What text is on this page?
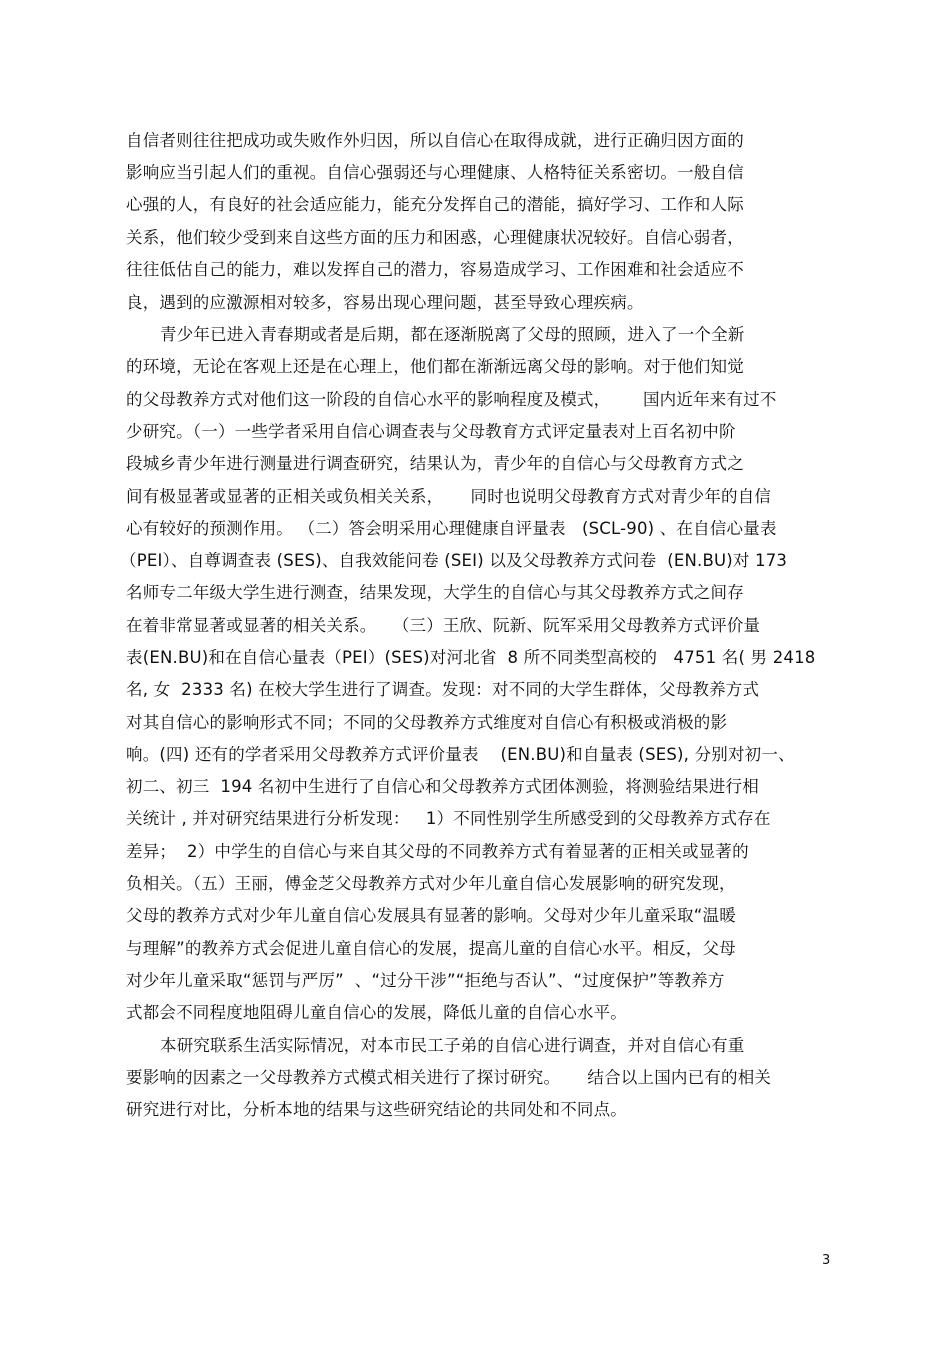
自信者则往往把成功或失败作外归因，所以自信心在取得成就，进行正确归因方面的
影响应当引起人们的重视。自信心强弱还与心理健康、人格特征关系密切。一般自信
心强的人，有良好的社会适应能力，能充分发挥自己的潜能，搞好学习、工作和人际
关系，他们较少受到来自这些方面的压力和困惑，心理健康状况较好。自信心弱者，
往往低估自己的能力，难以发挥自己的潜力，容易造成学习、工作困难和社会适应不
良，遇到的应激源相对较多，容易出现心理问题，甚至导致心理疾病。
青少年已进入青春期或者是后期，都在逐渐脱离了父母的照顾，进入了一个全新
的环境，无论在客观上还是在心理上，他们都在渐渐远离父母的影响。对于他们知觉
的父母教养方式对他们这一阶段的自信心水平的影响程度及模式，      国内近年来有过不
少研究。（一）一些学者采用自信心调查表与父母教育方式评定量表对上百名初中阶
段城乡青少年进行测量进行调查研究，结果认为，青少年的自信心与父母教育方式之
间有极显著或显著的正相关或负相关关系，     同时也说明父母教育方式对青少年的自信
心有较好的预测作用。 （二）答会明采用心理健康自评量表   (SCL-90) 、在自信心量表
（PEI）、自尊调查表 (SES)、自我效能问卷 (SEI) 以及父母教养方式问卷  (EN.BU)对 173
名师专二年级大学生进行测查，结果发现，大学生的自信心与其父母教养方式之间存
在着非常显著或显著的相关关系。   （三）王欣、阮新、阮军采用父母教养方式评价量
表(EN.BU)和在自信心量表（PEI）(SES)对河北省  8 所不同类型高校的   4751 名( 男 2418
名, 女  2333 名) 在校大学生进行了调查。发现：对不同的大学生群体，父母教养方式
对其自信心的影响形式不同；不同的父母教养方式维度对自信心有积极或消极的影
响。(四) 还有的学者采用父母教养方式评价量表    (EN.BU)和自量表 (SES), 分别对初一、
初二、初三  194 名初中生进行了自信心和父母教养方式团体测验，将测验结果进行相
关统计 , 并对研究结果进行分析发现：   1）不同性别学生所感受到的父母教养方式存在
差异；  2）中学生的自信心与来自其父母的不同教养方式有着显著的正相关或显著的
负相关。（五）王丽，傅金芝父母教养方式对少年儿童自信心发展影响的研究发现，
父母的教养方式对少年儿童自信心发展具有显著的影响。父母对少年儿童采取“温暖
与理解”的教养方式会促进儿童自信心的发展，提高儿童的自信心水平。相反，父母
对少年儿童采取“惩罚与严厉”  、“过分干涉”“拒绝与否认”、“过度保护”等教养方
式都会不同程度地阻碍儿童自信心的发展，降低儿童的自信心水平。
本研究联系生活实际情况，对本市民工子弟的自信心进行调查，并对自信心有重
要影响的因素之一父母教养方式模式相关进行了探讨研究。     结合以上国内已有的相关
研究进行对比，分析本地的结果与这些研究结论的共同处和不同点。
3
